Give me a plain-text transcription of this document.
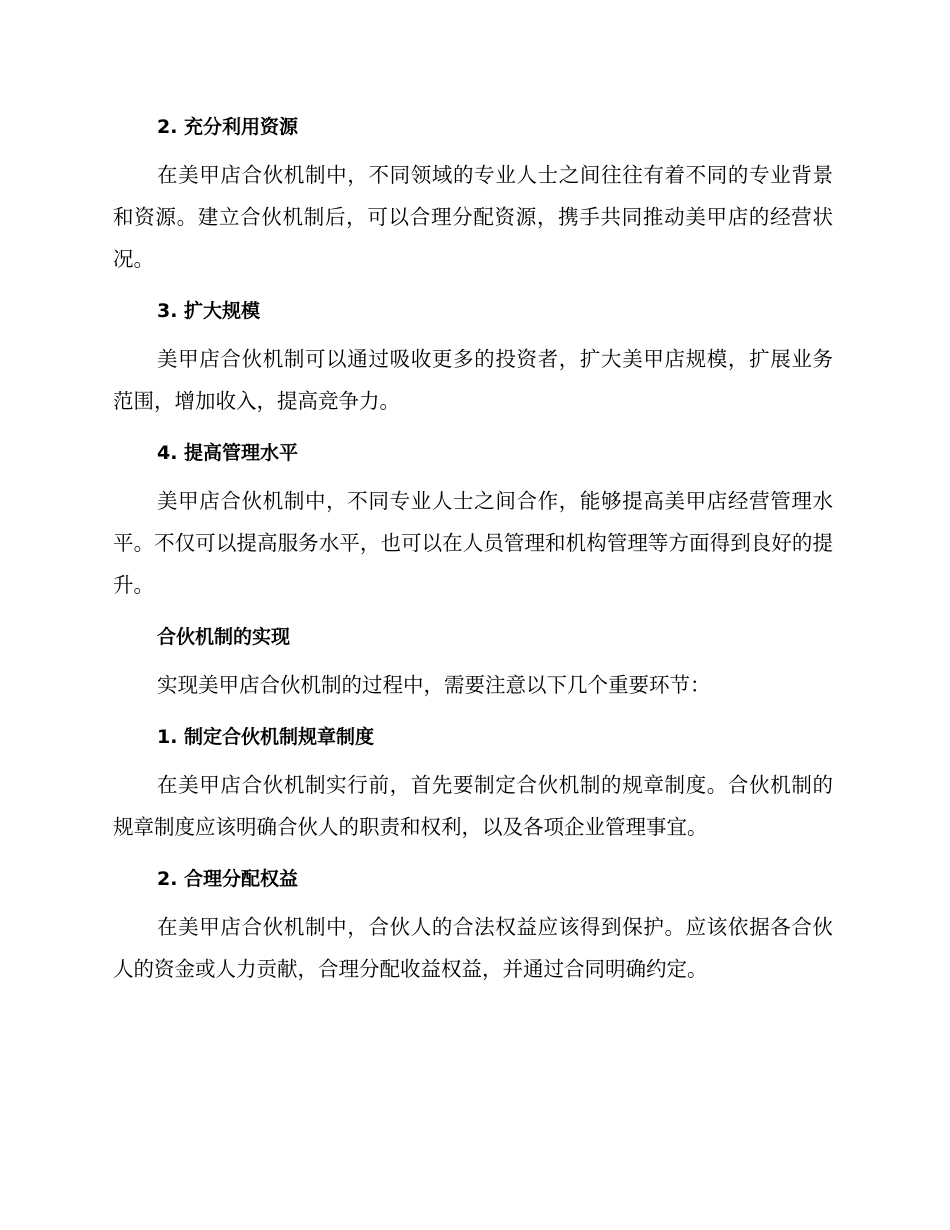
2. 充分利用资源

在美甲店合伙机制中，不同领域的专业人士之间往往有着不同的专业背景和资源。建立合伙机制后，可以合理分配资源，携手共同推动美甲店的经营状况。

3. 扩大规模

美甲店合伙机制可以通过吸收更多的投资者，扩大美甲店规模，扩展业务范围，增加收入，提高竞争力。

4. 提高管理水平

美甲店合伙机制中，不同专业人士之间合作，能够提高美甲店经营管理水平。不仅可以提高服务水平，也可以在人员管理和机构管理等方面得到良好的提升。

合伙机制的实现

实现美甲店合伙机制的过程中，需要注意以下几个重要环节：

1. 制定合伙机制规章制度

在美甲店合伙机制实行前，首先要制定合伙机制的规章制度。合伙机制的规章制度应该明确合伙人的职责和权利，以及各项企业管理事宜。

2. 合理分配权益

在美甲店合伙机制中，合伙人的合法权益应该得到保护。应该依据各合伙人的资金或人力贡献，合理分配收益权益，并通过合同明确约定。
